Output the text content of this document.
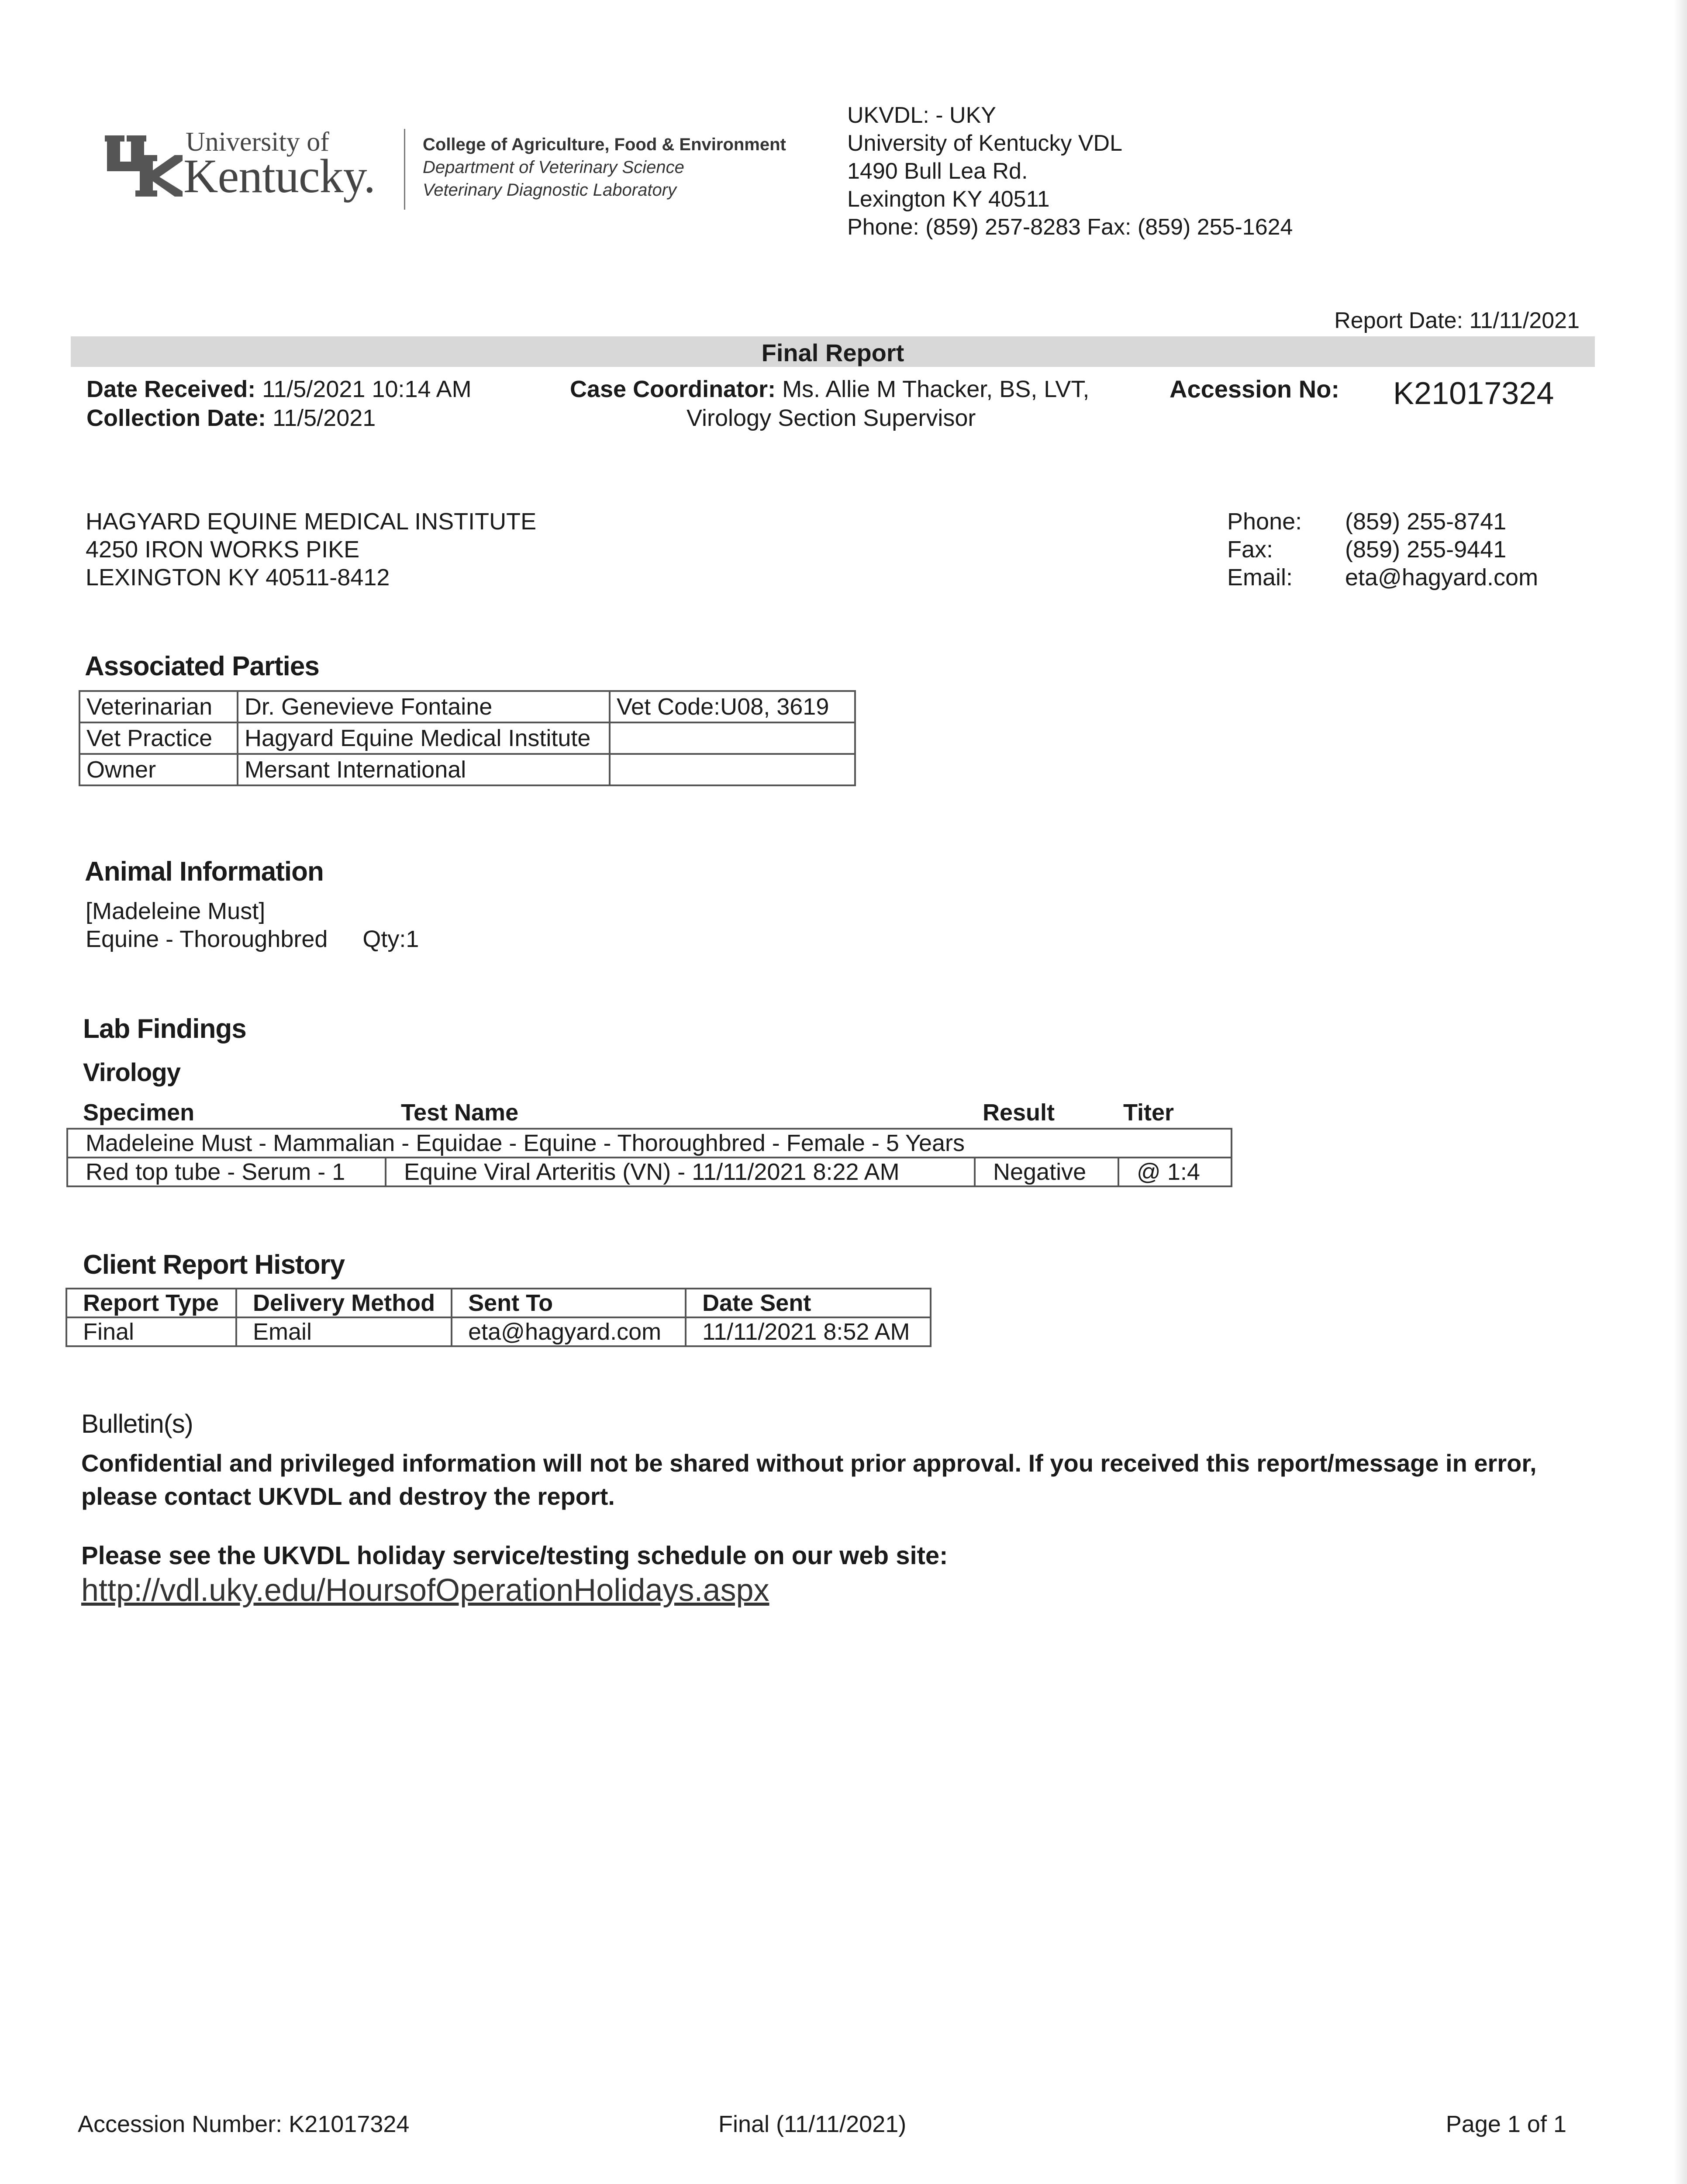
University of
Kentucky.
College of Agriculture, Food & Environment
Department of Veterinary Science
Veterinary Diagnostic Laboratory
UKVDL: - UKY
University of Kentucky VDL
1490 Bull Lea Rd.
Lexington KY 40511
Phone: (859) 257-8283 Fax: (859) 255-1624
Report Date: 11/11/2021
Final Report
Date Received: 11/5/2021 10:14 AM
Collection Date: 11/5/2021
Case Coordinator: Ms. Allie M Thacker, BS, LVT,
Virology Section Supervisor
Accession No: K21017324
HAGYARD EQUINE MEDICAL INSTITUTE
4250 IRON WORKS PIKE
LEXINGTON KY 40511-8412
Phone:	(859) 255-8741
Fax:	(859) 255-9441
Email:	eta@hagyard.com
Associated Parties
Veterinarian	Dr. Genevieve Fontaine	Vet Code:U08, 3619
Vet Practice	Hagyard Equine Medical Institute	
Owner	Mersant International	
Animal Information
[Madeleine Must]
Equine - Thoroughbred Qty:1
Lab Findings
Virology
Specimen	Test Name	Result	Titer
Madeleine Must - Mammalian - Equidae - Equine - Thoroughbred - Female - 5 Years
Red top tube - Serum - 1	Equine Viral Arteritis (VN) - 11/11/2021 8:22 AM	Negative	@ 1:4
Client Report History
Report Type	Delivery Method	Sent To	Date Sent
Final	Email	eta@hagyard.com	11/11/2021 8:52 AM
Bulletin(s)
Confidential and privileged information will not be shared without prior approval. If you received this report/message in error, please contact UKVDL and destroy the report.
Please see the UKVDL holiday service/testing schedule on our web site:
http://vdl.uky.edu/HoursofOperationHolidays.aspx
Accession Number: K21017324	Final (11/11/2021)	Page 1 of 1
